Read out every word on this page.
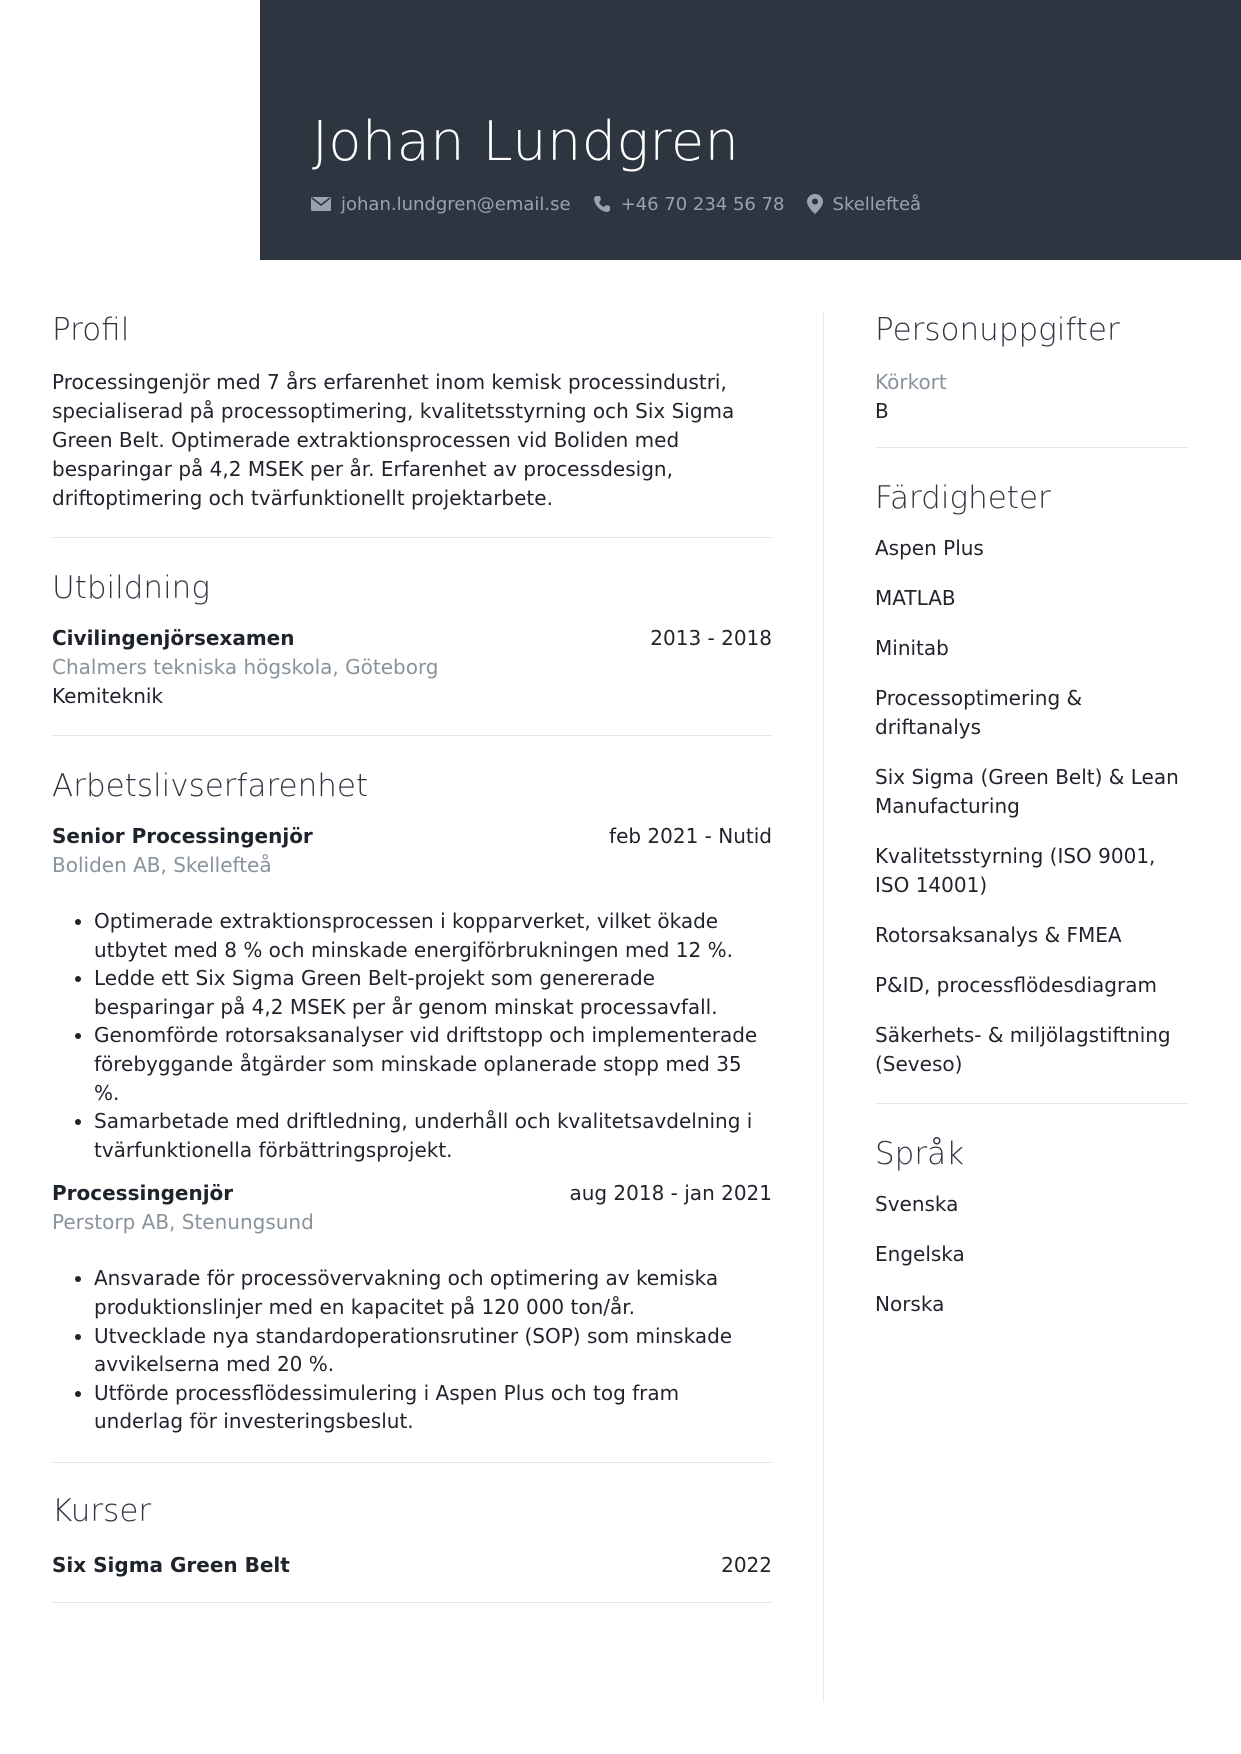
Johan Lundgren
johan.lundgren@email.se	+46 70 234 56 78	Skellefteå
Profil
Processingenjör med 7 års erfarenhet inom kemisk processindustri, specialiserad på processoptimering, kvalitetsstyrning och Six Sigma Green Belt. Optimerade extraktionsprocessen vid Boliden med besparingar på 4,2 MSEK per år. Erfarenhet av processdesign, driftoptimering och tvärfunktionellt projektarbete.
Utbildning
Civilingenjörsexamen	2013 - 2018
Chalmers tekniska högskola, Göteborg
Kemiteknik
Arbetslivserfarenhet
Senior Processingenjör	feb 2021 - Nutid
Boliden AB, Skellefteå
• Optimerade extraktionsprocessen i kopparverket, vilket ökade utbytet med 8 % och minskade energiförbrukningen med 12 %.
• Ledde ett Six Sigma Green Belt-projekt som genererade besparingar på 4,2 MSEK per år genom minskat processavfall.
• Genomförde rotorsaksanalyser vid driftstopp och implementerade förebyggande åtgärder som minskade oplanerade stopp med 35 %.
• Samarbetade med driftledning, underhåll och kvalitetsavdelning i tvärfunktionella förbättringsprojekt.
Processingenjör	aug 2018 - jan 2021
Perstorp AB, Stenungsund
• Ansvarade för processövervakning och optimering av kemiska produktionslinjer med en kapacitet på 120 000 ton/år.
• Utvecklade nya standardoperationsrutiner (SOP) som minskade avvikelserna med 20 %.
• Utförde processflödessimulering i Aspen Plus och tog fram underlag för investeringsbeslut.
Kurser
Six Sigma Green Belt	2022
Personuppgifter
Körkort
B
Färdigheter
Aspen Plus
MATLAB
Minitab
Processoptimering & driftanalys
Six Sigma (Green Belt) & Lean Manufacturing
Kvalitetsstyrning (ISO 9001, ISO 14001)
Rotorsaksanalys & FMEA
P&ID, processflödesdiagram
Säkerhets- & miljölagstiftning (Seveso)
Språk
Svenska
Engelska
Norska
